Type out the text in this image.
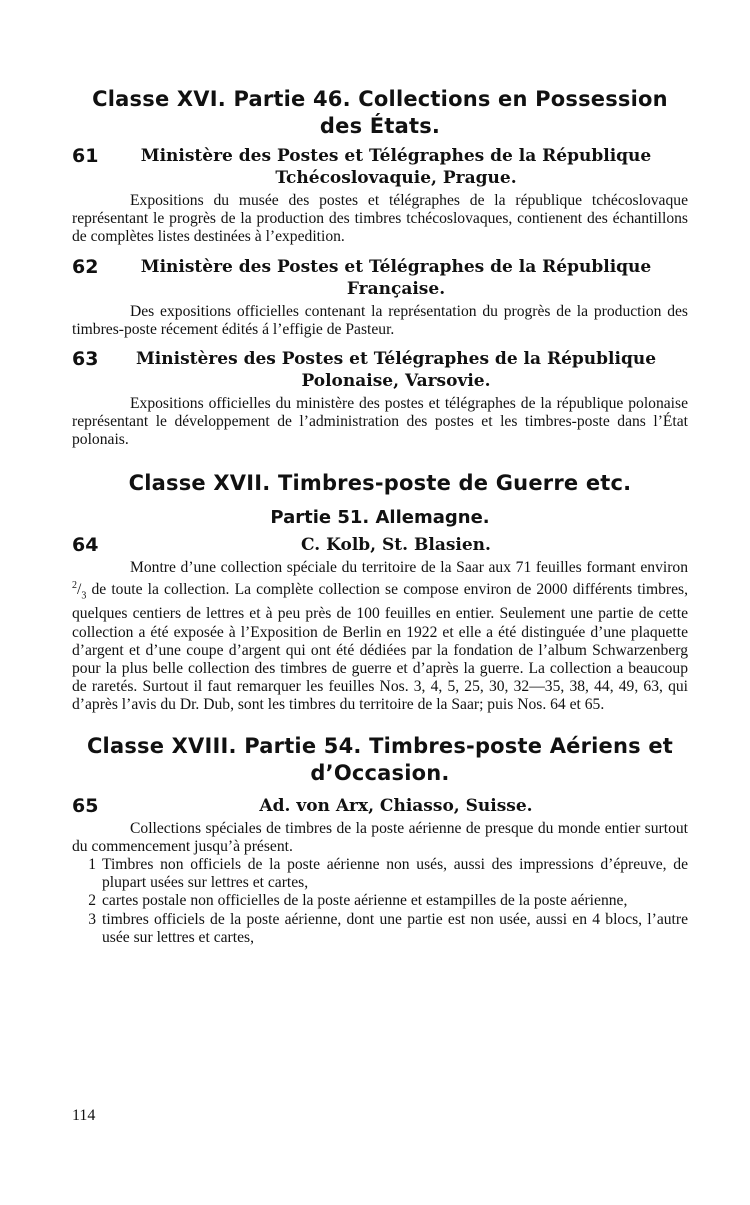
Classe XVI. Partie 46. Collections en Possession des États.
61	Ministère des Postes et Télégraphes de la République Tchécoslovaquie, Prague.

Expositions du musée des postes et télégraphes de la république tchécoslovaque représentant le progrès de la production des timbres tchécoslovaques, contienent des échantillons de complètes listes destinées à l’expedition.

62	Ministère des Postes et Télégraphes de la République Française.

Des expositions officielles contenant la représentation du progrès de la production des timbres-poste récement édités á l’effigie de Pasteur.

63	Ministères des Postes et Télégraphes de la République Polonaise, Varsovie.

Expositions officielles du ministère des postes et télégraphes de la république polonaise représentant le développement de l’administration des postes et les timbres-poste dans l’État polonais.

Classe XVII. Timbres-poste de Guerre etc.
Partie 51. Allemagne.
64	C. Kolb, St. Blasien.

Montre d’une collection spéciale du territoire de la Saar aux 71 feuilles formant environ $^2/_3$ de toute la collection. La complète collection se compose environ de 2000 différents timbres, quelques centiers de lettres et à peu près de 100 feuilles en entier. Seulement une partie de cette collection a été exposée à l’Exposition de Berlin en 1922 et elle a été distinguée d’une plaquette d’argent et d’une coupe d’argent qui ont été dédiées par la fondation de l’album Schwarzenberg pour la plus belle collection des timbres de guerre et d’après la guerre. La collection a beaucoup de raretés. Surtout il faut remarquer les feuilles Nos. 3, 4, 5, 25, 30, 32—35, 38, 44, 49, 63, qui d’après l’avis du Dr. Dub, sont les timbres du territoire de la Saar; puis Nos. 64 et 65.

Classe XVIII. Partie 54. Timbres-poste Aériens et d’Occasion.
65	Ad. von Arx, Chiasso, Suisse.

Collections spéciales de timbres de la poste aérienne de presque du monde entier surtout du commencement jusqu’à présent.

1 Timbres non officiels de la poste aérienne non usés, aussi des impressions d’épreuve, de plupart usées sur lettres et cartes,
2 cartes postale non officielles de la poste aérienne et estampilles de la poste aérienne,
3 timbres officiels de la poste aérienne, dont une partie est non usée, aussi en 4 blocs, l’autre usée sur lettres et cartes,
114
